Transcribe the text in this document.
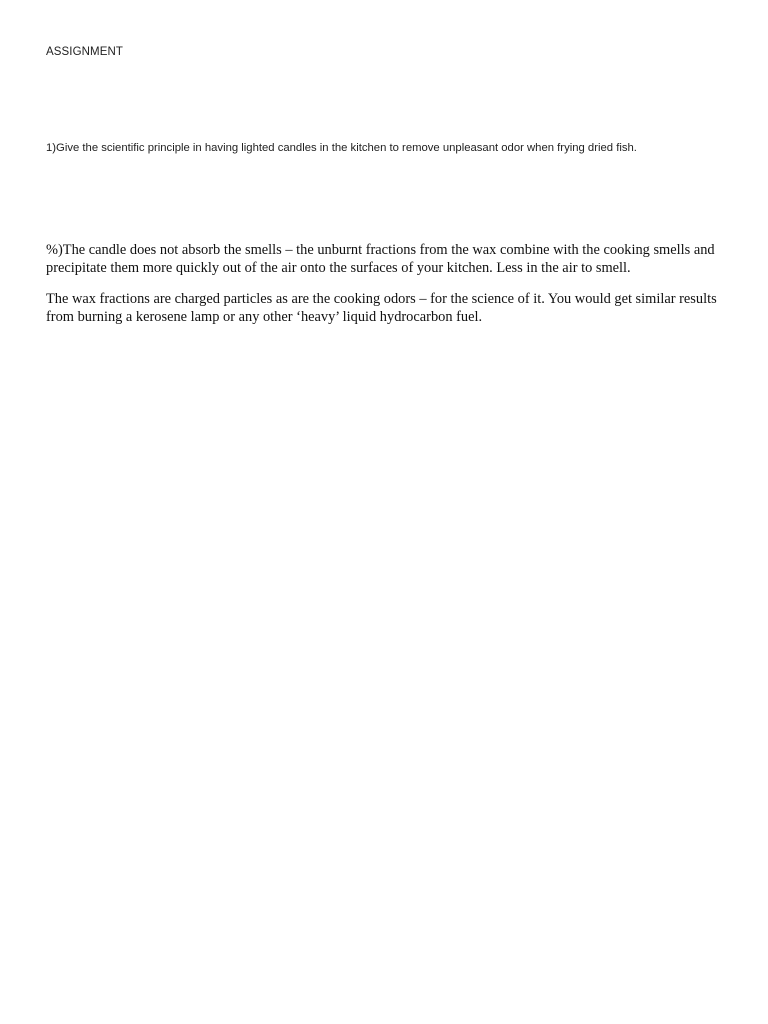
ASSIGNMENT
1)Give the scientific principle in having lighted candles in the kitchen to remove unpleasant odor when frying dried fish.

%)The candle does not absorb the smells – the unburnt fractions from the wax combine with the cooking smells and precipitate them more quickly out of the air onto the surfaces of your kitchen. Less in the air to smell.

The wax fractions are charged particles as are the cooking odors – for the science of it. You would get similar results from burning a kerosene lamp or any other ‘heavy’ liquid hydrocarbon fuel.
